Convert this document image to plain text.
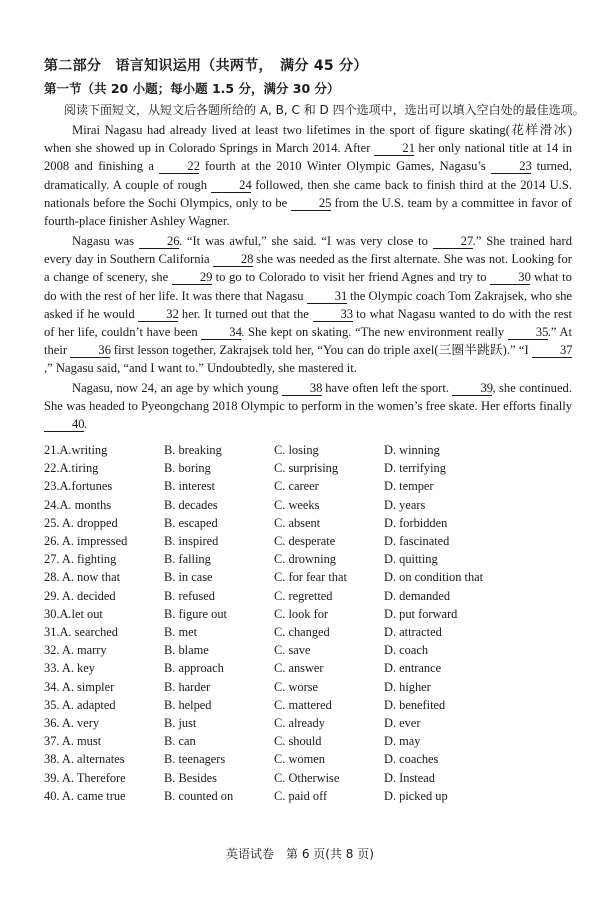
第二部分　语言知识运用（共两节，　满分 45 分）
第一节（共 20 小题；每小题 1.5 分，满分 30 分）
阅读下面短文，从短文后各题所给的 A, B, C 和 D 四个选项中，选出可以填入空白处的最佳选项。

Mirai Nagasu had already lived at least two lifetimes in the sport of figure skating(花样滑冰) when she showed up in Colorado Springs in March 2014. After 21 her only national title at 14 in 2008 and finishing a 22 fourth at the 2010 Winter Olympic Games, Nagasu’s 23 turned, dramatically. A couple of rough 24 followed, then she came back to finish third at the 2014 U.S. nationals before the Sochi Olympics, only to be 25 from the U.S. team by a committee in favor of fourth-place finisher Ashley Wagner.

Nagasu was 26. “It was awful,” she said. “I was very close to 27.” She trained hard every day in Southern California 28 she was needed as the first alternate. She was not. Looking for a change of scenery, she 29 to go to Colorado to visit her friend Agnes and try to 30 what to do with the rest of her life. It was there that Nagasu 31 the Olympic coach Tom Zakrajsek, who she asked if he would 32 her. It turned out that the 33 to what Nagasu wanted to do with the rest of her life, couldn’t have been 34. She kept on skating. “The new environment really 35.” At their 36 first lesson together, Zakrajsek told her, “You can do triple axel(三圈半跳跃).” “I 37,” Nagasu said, “and I want to.” Undoubtedly, she mastered it.

Nagasu, now 24, an age by which young 38 have often left the sport. 39, she continued. She was headed to Pyeongchang 2018 Olympic to perform in the women’s free skate. Her efforts finally 40.

21.A.writing	B. breaking	C. losing	D. winning
22.A.tiring	B. boring	C. surprising	D. terrifying
23.A.fortunes	B. interest	C. career	D. temper
24.A. months	B. decades	C. weeks	D. years
25. A. dropped	B. escaped	C. absent	D. forbidden
26. A. impressed	B. inspired	C. desperate	D. fascinated
27. A. fighting	B. falling	C. drowning	D. quitting
28. A. now that	B. in case	C. for fear that	D. on condition that
29. A. decided	B. refused	C. regretted	D. demanded
30.A.let out	B. figure out	C. look for	D. put forward
31.A. searched	B. met	C. changed	D. attracted
32. A. marry	B. blame	C. save	D. coach
33. A. key	B. approach	C. answer	D. entrance
34. A. simpler	B. harder	C. worse	D. higher
35. A. adapted	B. helped	C. mattered	D. benefited
36. A. very	B. just	C. already	D. ever
37. A. must	B. can	C. should	D. may
38. A. alternates	B. teenagers	C. women	D. coaches
39. A. Therefore	B. Besides	C. Otherwise	D. Instead
40. A. came true	B. counted on	C. paid off	D. picked up
英语试卷　第 6 页(共 8 页)
